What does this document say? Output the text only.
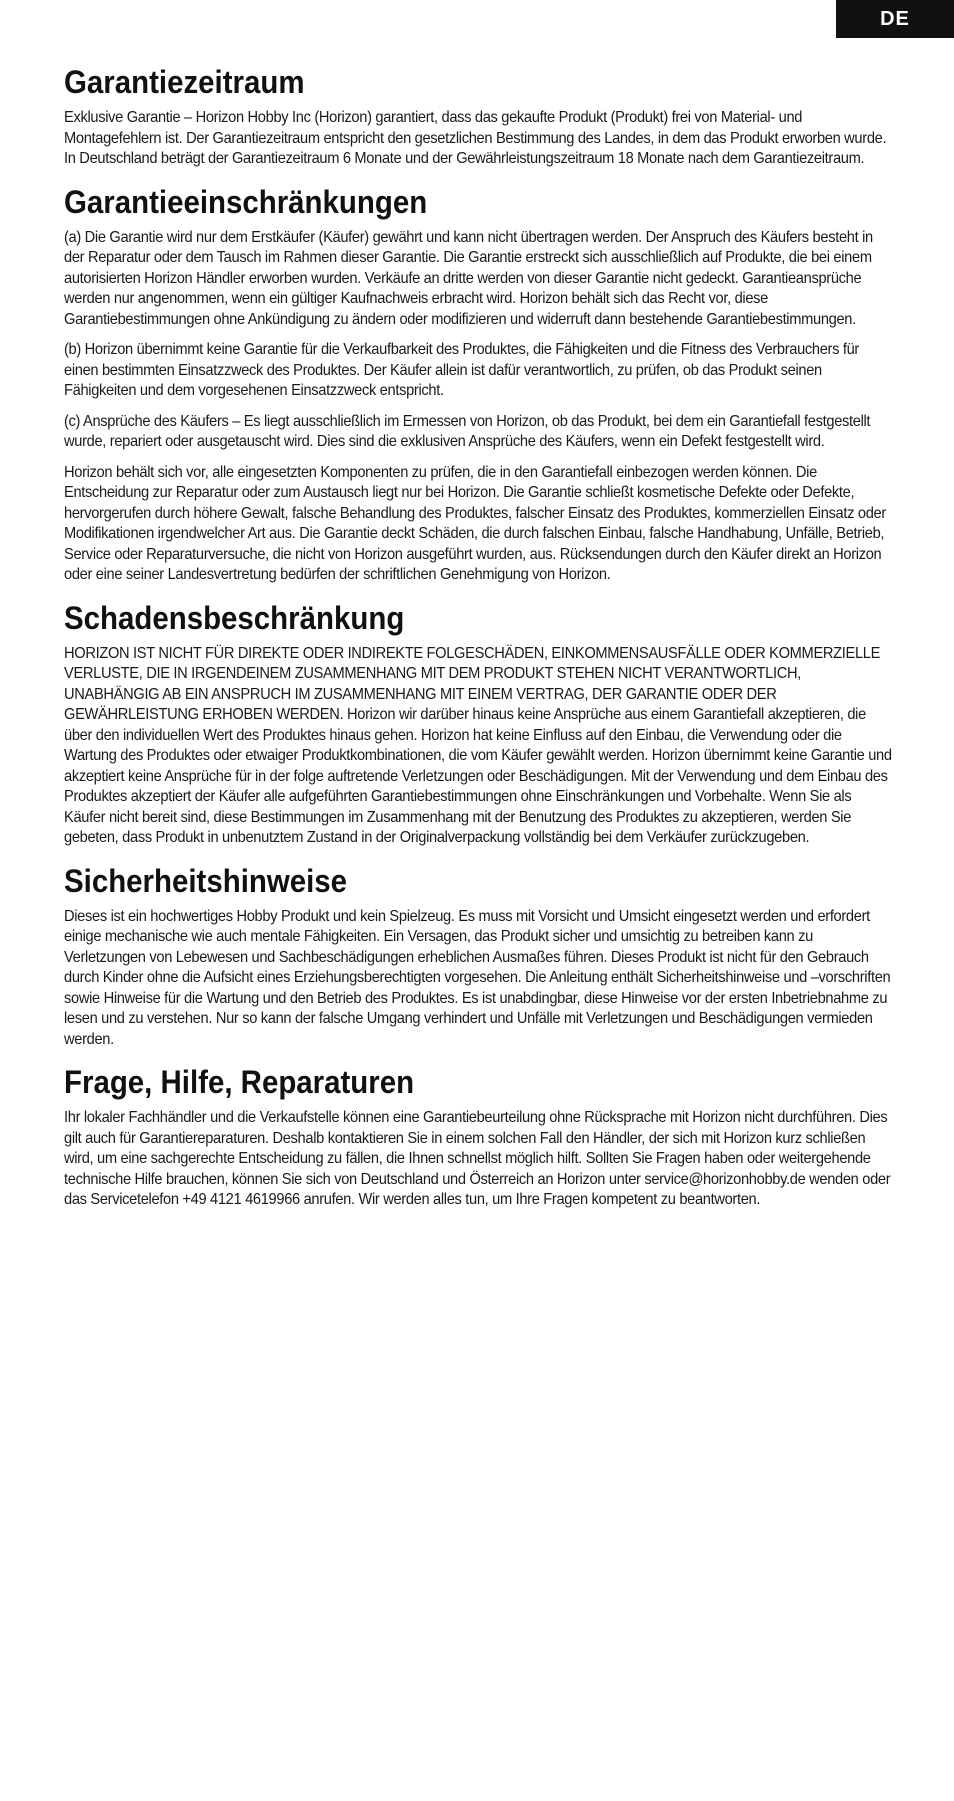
DE
Garantiezeitraum

Exklusive Garantie – Horizon Hobby Inc (Horizon) garantiert, dass das gekaufte Produkt (Produkt) frei von Material- und Montagefehlern ist. Der Garantiezeitraum entspricht den gesetzlichen Bestimmung des Landes, in dem das Produkt erworben wurde. In Deutschland beträgt der Garantiezeitraum 6 Monate und der Gewährleistungszeitraum 18 Monate nach dem Garantiezeitraum.

Garantieeinschränkungen

(a) Die Garantie wird nur dem Erstkäufer (Käufer) gewährt und kann nicht übertragen werden. Der Anspruch des Käufers besteht in der Reparatur oder dem Tausch im Rahmen dieser Garantie. Die Garantie erstreckt sich ausschließlich auf Produkte, die bei einem autorisierten Horizon Händler erworben wurden. Verkäufe an dritte werden von dieser Garantie nicht gedeckt. Garantieansprüche werden nur angenommen, wenn ein gültiger Kaufnachweis erbracht wird. Horizon behält sich das Recht vor, diese Garantiebestimmungen ohne Ankündigung zu ändern oder modifizieren und widerruft dann bestehende Garantiebestimmungen.

(b) Horizon übernimmt keine Garantie für die Verkaufbarkeit des Produktes, die Fähigkeiten und die Fitness des Verbrauchers für einen bestimmten Einsatzzweck des Produktes. Der Käufer allein ist dafür verantwortlich, zu prüfen, ob das Produkt seinen Fähigkeiten und dem vorgesehenen Einsatzzweck entspricht.

(c) Ansprüche des Käufers – Es liegt ausschließlich im Ermessen von Horizon, ob das Produkt, bei dem ein Garantiefall festgestellt wurde, repariert oder ausgetauscht wird. Dies sind die exklusiven Ansprüche des Käufers, wenn ein Defekt festgestellt wird.

Horizon behält sich vor, alle eingesetzten Komponenten zu prüfen, die in den Garantiefall einbezogen werden können. Die Entscheidung zur Reparatur oder zum Austausch liegt nur bei Horizon. Die Garantie schließt kosmetische Defekte oder Defekte, hervorgerufen durch höhere Gewalt, falsche Behandlung des Produktes, falscher Einsatz des Produktes, kommerziellen Einsatz oder Modifikationen irgendwelcher Art aus. Die Garantie deckt Schäden, die durch falschen Einbau, falsche Handhabung, Unfälle, Betrieb, Service oder Reparaturversuche, die nicht von Horizon ausgeführt wurden, aus. Rücksendungen durch den Käufer direkt an Horizon oder eine seiner Landesvertretung bedürfen der schriftlichen Genehmigung von Horizon.

Schadensbeschränkung

HORIZON IST NICHT FÜR DIREKTE ODER INDIREKTE FOLGESCHÄDEN, EINKOMMENSAUSFÄLLE ODER KOMMERZIELLE VERLUSTE, DIE IN IRGENDEINEM ZUSAMMENHANG MIT DEM PRODUKT STEHEN NICHT VERANTWORTLICH, UNABHÄNGIG AB EIN ANSPRUCH IM ZUSAMMENHANG MIT EINEM VERTRAG, DER GARANTIE ODER DER GEWÄHRLEISTUNG ERHOBEN WERDEN. Horizon wir darüber hinaus keine Ansprüche aus einem Garantiefall akzeptieren, die über den individuellen Wert des Produktes hinaus gehen. Horizon hat keine Einfluss auf den Einbau, die Verwendung oder die Wartung des Produktes oder etwaiger Produktkombinationen, die vom Käufer gewählt werden. Horizon übernimmt keine Garantie und akzeptiert keine Ansprüche für in der folge auftretende Verletzungen oder Beschädigungen. Mit der Verwendung und dem Einbau des Produktes akzeptiert der Käufer alle aufgeführten Garantiebestimmungen ohne Einschränkungen und Vorbehalte. Wenn Sie als Käufer nicht bereit sind, diese Bestimmungen im Zusammenhang mit der Benutzung des Produktes zu akzeptieren, werden Sie gebeten, dass Produkt in unbenutztem Zustand in der Originalverpackung vollständig bei dem Verkäufer zurückzugeben.

Sicherheitshinweise

Dieses ist ein hochwertiges Hobby Produkt und kein Spielzeug. Es muss mit Vorsicht und Umsicht eingesetzt werden und erfordert einige mechanische wie auch mentale Fähigkeiten. Ein Versagen, das Produkt sicher und umsichtig zu betreiben kann zu Verletzungen von Lebewesen und Sachbeschädigungen erheblichen Ausmaßes führen. Dieses Produkt ist nicht für den Gebrauch durch Kinder ohne die Aufsicht eines Erziehungsberechtigten vorgesehen. Die Anleitung enthält Sicherheitshinweise und –vorschriften sowie Hinweise für die Wartung und den Betrieb des Produktes. Es ist unabdingbar, diese Hinweise vor der ersten Inbetriebnahme zu lesen und zu verstehen. Nur so kann der falsche Umgang verhindert und Unfälle mit Verletzungen und Beschädigungen vermieden werden.

Frage, Hilfe, Reparaturen

Ihr lokaler Fachhändler und die Verkaufstelle können eine Garantiebeurteilung ohne Rücksprache mit Horizon nicht durchführen. Dies gilt auch für Garantiereparaturen. Deshalb kontaktieren Sie in einem solchen Fall den Händler, der sich mit Horizon kurz schließen wird, um eine sachgerechte Entscheidung zu fällen, die Ihnen schnellst möglich hilft. Sollten Sie Fragen haben oder weitergehende technische Hilfe brauchen, können Sie sich von Deutschland und Österreich an Horizon unter service@horizonhobby.de wenden oder das Servicetelefon +49 4121 4619966 anrufen. Wir werden alles tun, um Ihre Fragen kompetent zu beantworten.
